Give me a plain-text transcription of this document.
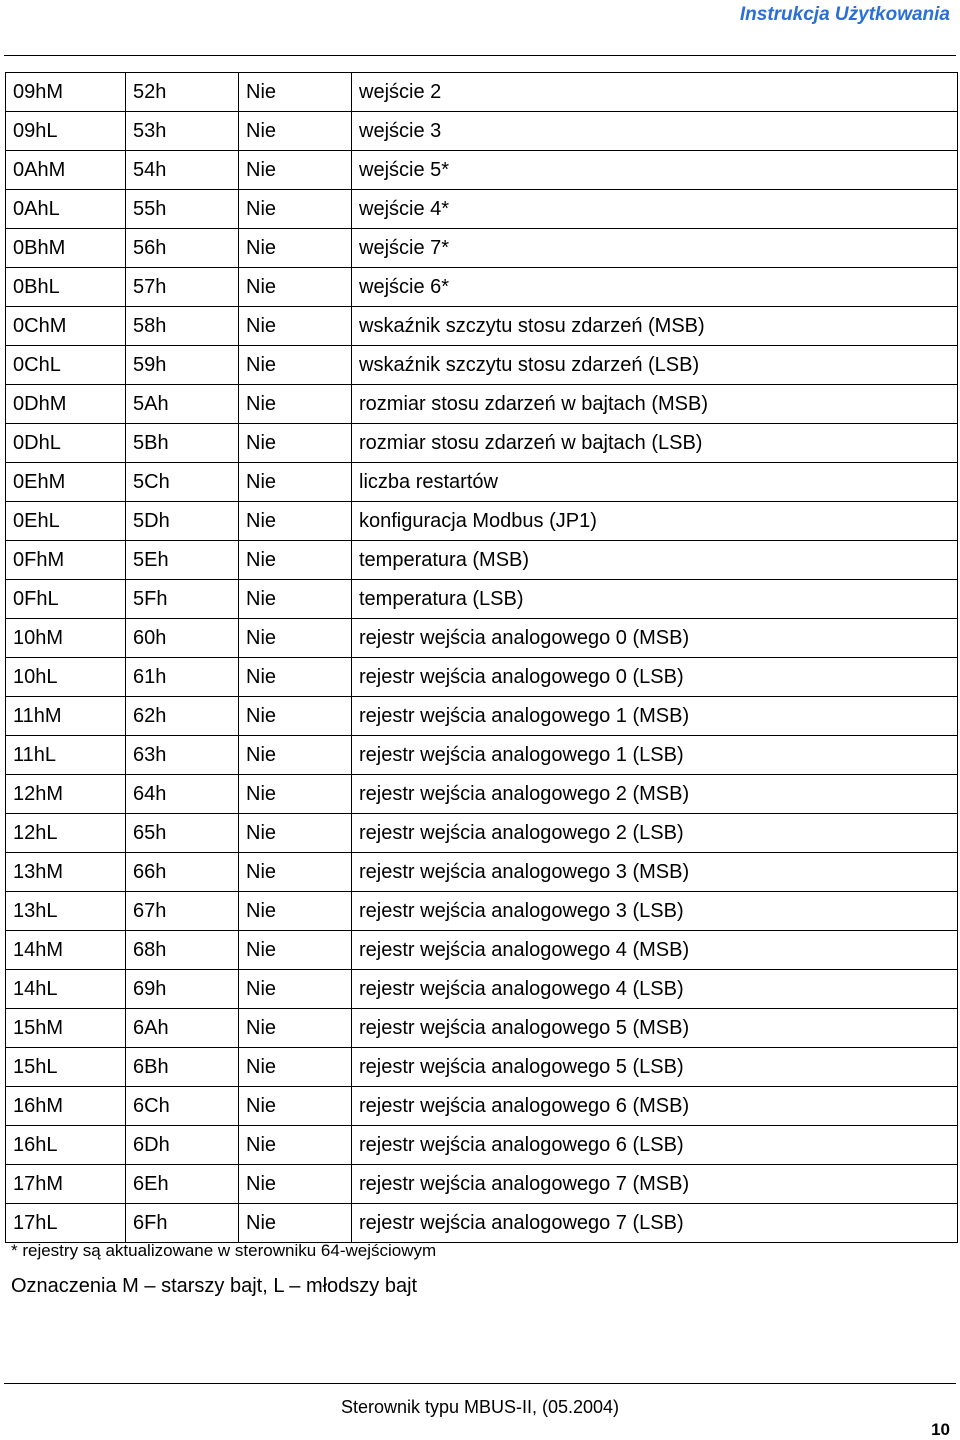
Instrukcja Użytkowania
09hM	52h	Nie	wejście 2
09hL	53h	Nie	wejście 3
0AhM	54h	Nie	wejście 5*
0AhL	55h	Nie	wejście 4*
0BhM	56h	Nie	wejście 7*
0BhL	57h	Nie	wejście 6*
0ChM	58h	Nie	wskaźnik szczytu stosu zdarzeń (MSB)
0ChL	59h	Nie	wskaźnik szczytu stosu zdarzeń (LSB)
0DhM	5Ah	Nie	rozmiar stosu zdarzeń w bajtach (MSB)
0DhL	5Bh	Nie	rozmiar stosu zdarzeń w bajtach (LSB)
0EhM	5Ch	Nie	liczba restartów
0EhL	5Dh	Nie	konfiguracja Modbus (JP1)
0FhM	5Eh	Nie	temperatura (MSB)
0FhL	5Fh	Nie	temperatura (LSB)
10hM	60h	Nie	rejestr wejścia analogowego 0 (MSB)
10hL	61h	Nie	rejestr wejścia analogowego 0 (LSB)
11hM	62h	Nie	rejestr wejścia analogowego 1 (MSB)
11hL	63h	Nie	rejestr wejścia analogowego 1 (LSB)
12hM	64h	Nie	rejestr wejścia analogowego 2 (MSB)
12hL	65h	Nie	rejestr wejścia analogowego 2 (LSB)
13hM	66h	Nie	rejestr wejścia analogowego 3 (MSB)
13hL	67h	Nie	rejestr wejścia analogowego 3 (LSB)
14hM	68h	Nie	rejestr wejścia analogowego 4 (MSB)
14hL	69h	Nie	rejestr wejścia analogowego 4 (LSB)
15hM	6Ah	Nie	rejestr wejścia analogowego 5 (MSB)
15hL	6Bh	Nie	rejestr wejścia analogowego 5 (LSB)
16hM	6Ch	Nie	rejestr wejścia analogowego 6 (MSB)
16hL	6Dh	Nie	rejestr wejścia analogowego 6 (LSB)
17hM	6Eh	Nie	rejestr wejścia analogowego 7 (MSB)
17hL	6Fh	Nie	rejestr wejścia analogowego 7 (LSB)
* rejestry są aktualizowane w sterowniku 64-wejściowym
Oznaczenia M – starszy bajt, L – młodszy bajt
Sterownik typu MBUS-II, (05.2004)
10
